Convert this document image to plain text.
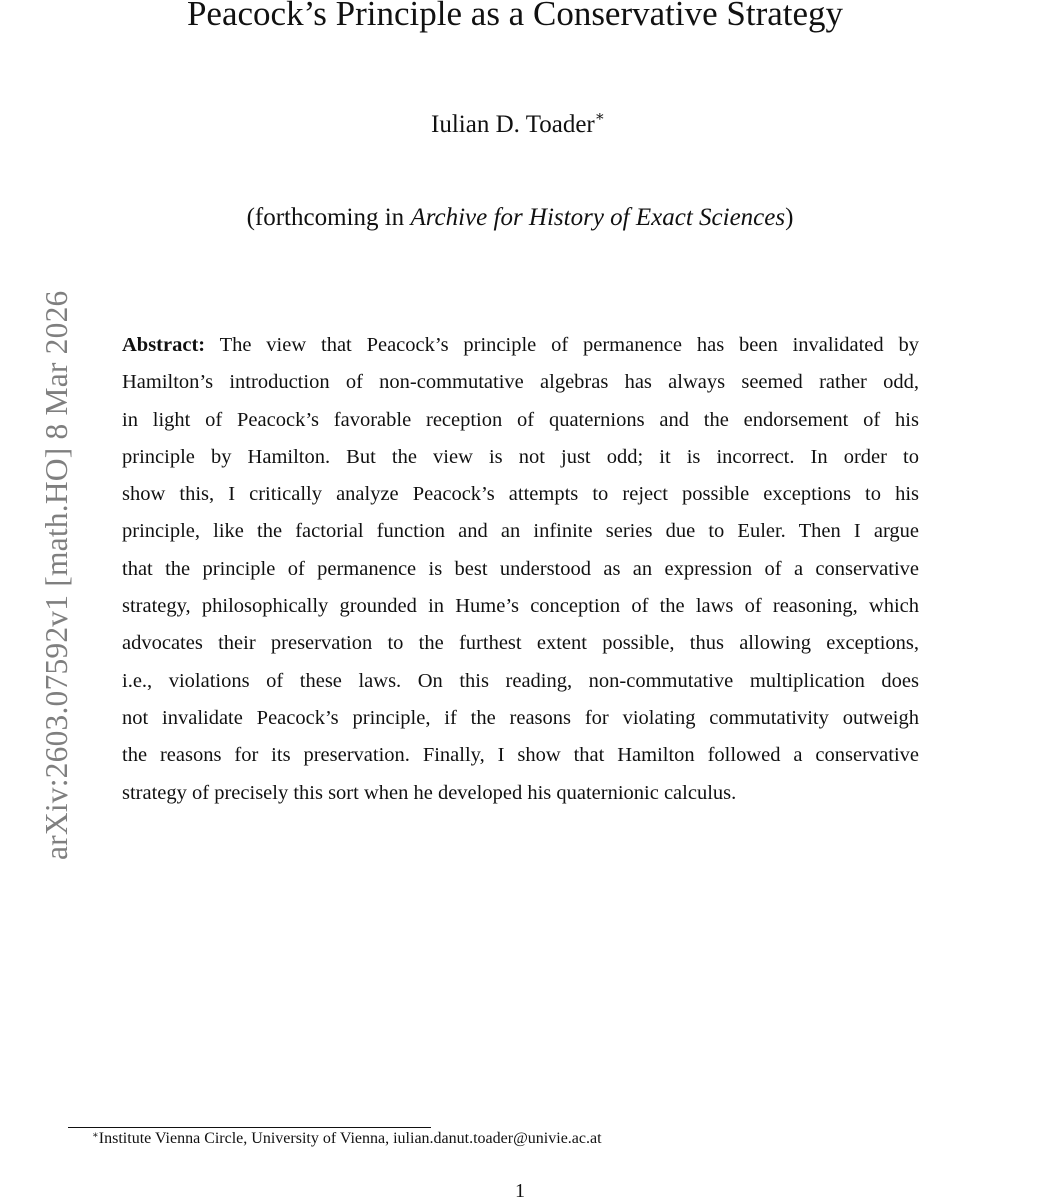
arXiv:2603.07592v1 [math.HO] 8 Mar 2026
Peacock’s Principle as a Conservative Strategy
Iulian D. Toader∗
(forthcoming in Archive for History of Exact Sciences)
Abstract: The view that Peacock’s principle of permanence has been invalidated by
Hamilton’s introduction of non-commutative algebras has always seemed rather odd,
in light of Peacock’s favorable reception of quaternions and the endorsement of his
principle by Hamilton. But the view is not just odd; it is incorrect. In order to
show this, I critically analyze Peacock’s attempts to reject possible exceptions to his
principle, like the factorial function and an infinite series due to Euler. Then I argue
that the principle of permanence is best understood as an expression of a conservative
strategy, philosophically grounded in Hume’s conception of the laws of reasoning, which
advocates their preservation to the furthest extent possible, thus allowing exceptions,
i.e., violations of these laws. On this reading, non-commutative multiplication does
not invalidate Peacock’s principle, if the reasons for violating commutativity outweigh
the reasons for its preservation. Finally, I show that Hamilton followed a conservative
strategy of precisely this sort when he developed his quaternionic calculus.
∗Institute Vienna Circle, University of Vienna, iulian.danut.toader@univie.ac.at
1
